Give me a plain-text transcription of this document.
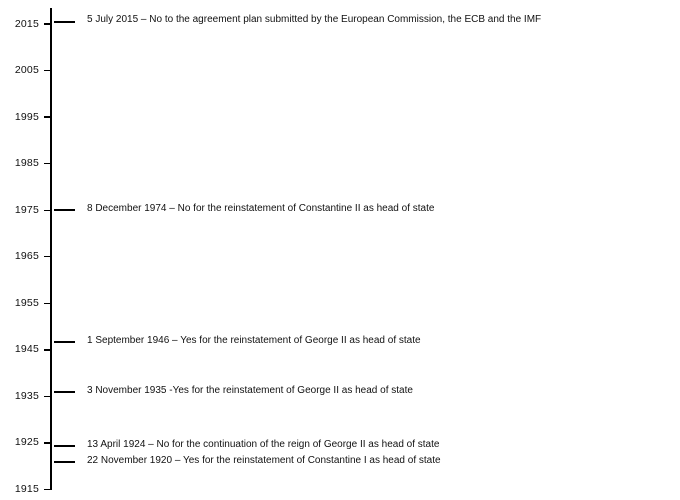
2015
2005
1995
1985
1975
1965
1955
1945
1935
1925
1915
5 July 2015 – No to the agreement plan submitted by the European Commission, the ECB and the IMF
8 December 1974 – No for the reinstatement of Constantine II as head of state
1 September 1946 – Yes for the reinstatement of George II as head of state
3 November 1935 -Yes for the reinstatement of George II as head of state
13 April 1924 – No for the continuation of the reign of George II as head of state
22 November 1920 – Yes for the reinstatement of Constantine I as head of state
